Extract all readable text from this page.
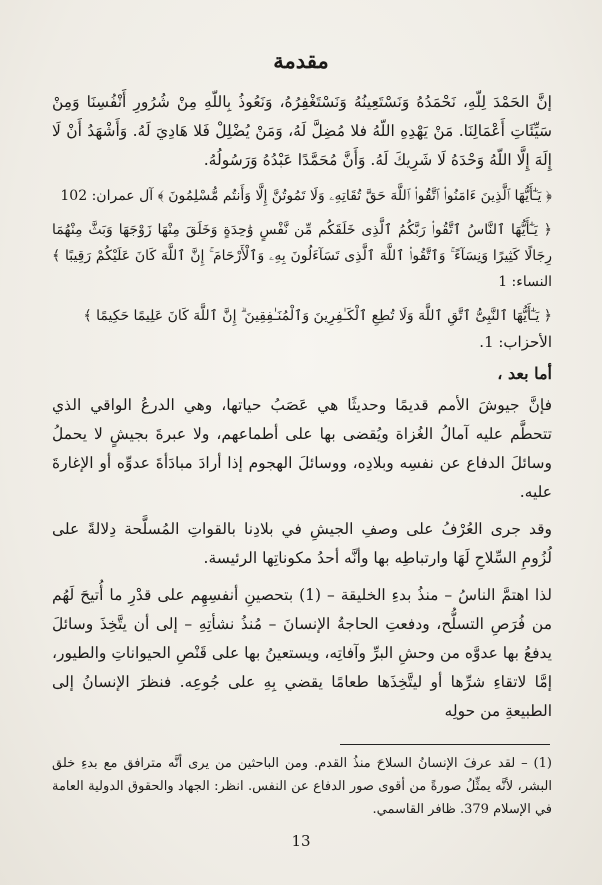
مقدمة

إنَّ الحَمْدَ لِلّهِ، نَحْمَدُهُ وَنَسْتَعِينُهُ وَنَسْتَغْفِرُهُ، وَنَعُوذُ بِاللّهِ مِنْ شُرُورِ أَنْفُسِنَا وَمِنْ سَيِّئَاتِ أَعْمَالِنَا. مَنْ يَهْدِهِ اللّهُ فلا مُضِلَّ لَهُ، وَمَنْ يُضْلِلْ فَلا هَادِيَ لَهُ. وَأَشْهَدُ أَنْ لَا إِلَهَ إِلَّا اللّهُ وَحْدَهُ لَا شَرِيكَ لَهُ. وَأَنَّ مُحَمَّدًا عَبْدُهُ وَرَسُولُهُ.

﴿ يَـٰٓأَيُّهَا ٱلَّذِينَ ءَامَنُوا۟ ٱتَّقُوا۟ ٱللَّهَ حَقَّ تُقَاتِهِۦ وَلَا تَمُوتُنَّ إِلَّا وَأَنتُم مُّسْلِمُونَ ﴾ آل عمران: 102

﴿ يَـٰٓأَيُّهَا ٱلنَّاسُ ٱتَّقُوا۟ رَبَّكُمُ ٱلَّذِى خَلَقَكُم مِّن نَّفْسٍ وَٰحِدَةٍ وَخَلَقَ مِنْهَا زَوْجَهَا وَبَثَّ مِنْهُمَا رِجَالًا كَثِيرًا وَنِسَآءً ۚ وَٱتَّقُوا۟ ٱللَّهَ ٱلَّذِى تَسَآءَلُونَ بِهِۦ وَٱلْأَرْحَامَ ۚ إِنَّ ٱللَّهَ كَانَ عَلَيْكُمْ رَقِيبًا ﴾ النساء: 1

﴿ يَـٰٓأَيُّهَا ٱلنَّبِىُّ ٱتَّقِ ٱللَّهَ وَلَا تُطِعِ ٱلْكَـٰفِرِينَ وَٱلْمُنَـٰفِقِينَ ۗ إِنَّ ٱللَّهَ كَانَ عَلِيمًا حَكِيمًا ﴾

الأحزاب: 1.

أما بعد ،

فإنَّ جيوشَ الأمم قديمًا وحديثًا هي عَصَبُ حياتها، وهي الدرعُ الواقي الذي تتحطَّم عليه آمالُ الغُزاة ويُقضى بها على أطماعهم، ولا عبرةَ بجيشٍ لا يحملُ وسائلَ الدفاع عن نفسِه وبلادِه، ووسائلَ الهجوم إذا أرادَ مبادَأةَ عدوِّه أو الإغارةَ عليه.

وقد جرى العُرْفُ على وصفِ الجيشِ في بلادِنا بالقواتِ المُسلَّحة دِلالةً على لُزُومِ السِّلاحِ لَهَا وارتباطِه بها وأنَّه أحدُ مكوناتِها الرئيسة.

لذا اهتمَّ الناسُ – منذُ بدءِ الخليقة – (1) بتحصينِ أنفسِهِم على قدْرِ ما أُتيحَ لَهُم من فُرَصِ التسلُّح، ودفعتِ الحاجةُ الإنسانَ – مُنذُ نشأتِهِ – إلى أن يتَّخِذَ وسائلَ يدفعُ بها عدوَّه من وحشِ البرِّ وآفاتِه، ويستعينُ بها على قَنْصِ الحيواناتِ والطيور، إمَّا لاتقاءِ شرِّها أو ليتَّخِذَها طعامًا يقضي بِهِ على جُوعِه. فنظرَ الإنسانُ إلى الطبيعةِ من حولِه

(1) – لقد عرفَ الإنسانُ السلاحَ منذُ القدم. ومن الباحثين من يرى أنَّه مترافق مع بدءِ خلق البشر، لأنَّه يمثِّلُ صورةً من أقوى صور الدفاع عن النفس. انظر: الجهاد والحقوق الدولية العامة في الإسلام 379. ظافر القاسمي.
13
